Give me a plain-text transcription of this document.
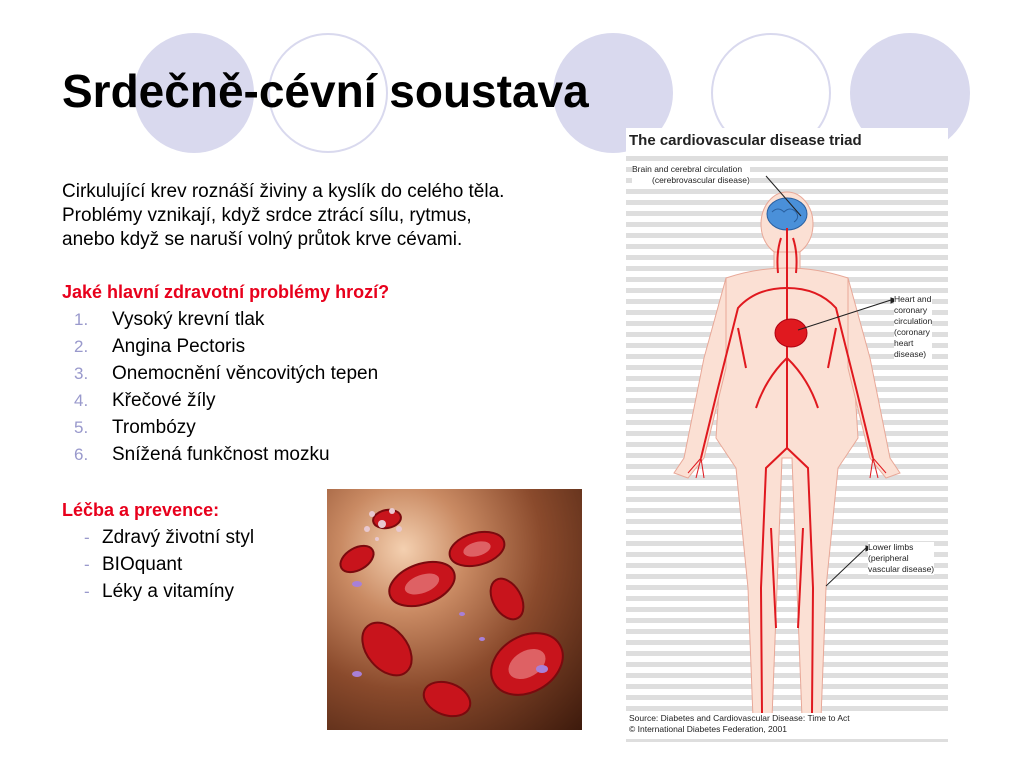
Srdečně-cévní soustava
Cirkulující krev roznáší živiny a kyslík do celého těla.
Problémy vznikají, když srdce ztrácí sílu, rytmus,
anebo když se naruší volný průtok krve cévami.
Jaké hlavní zdravotní problémy hrozí?
1.	Vysoký krevní tlak
2.	Angina Pectoris
3.	Onemocnění věncovitých tepen
4.	Křečové žíly
5.	Trombózy
6.	Snížená funkčnost mozku
Léčba a prevence:
- Zdravý životní styl
- BIOquant
- Léky a vitamíny
The cardiovascular disease triad
Brain and cerebral circulation
(cerebrovascular disease)
Heart and
coronary
circulation
(coronary
heart
disease)
Lower limbs
(peripheral
vascular disease)
Source: Diabetes and Cardiovascular Disease: Time to Act
© International Diabetes Federation, 2001
